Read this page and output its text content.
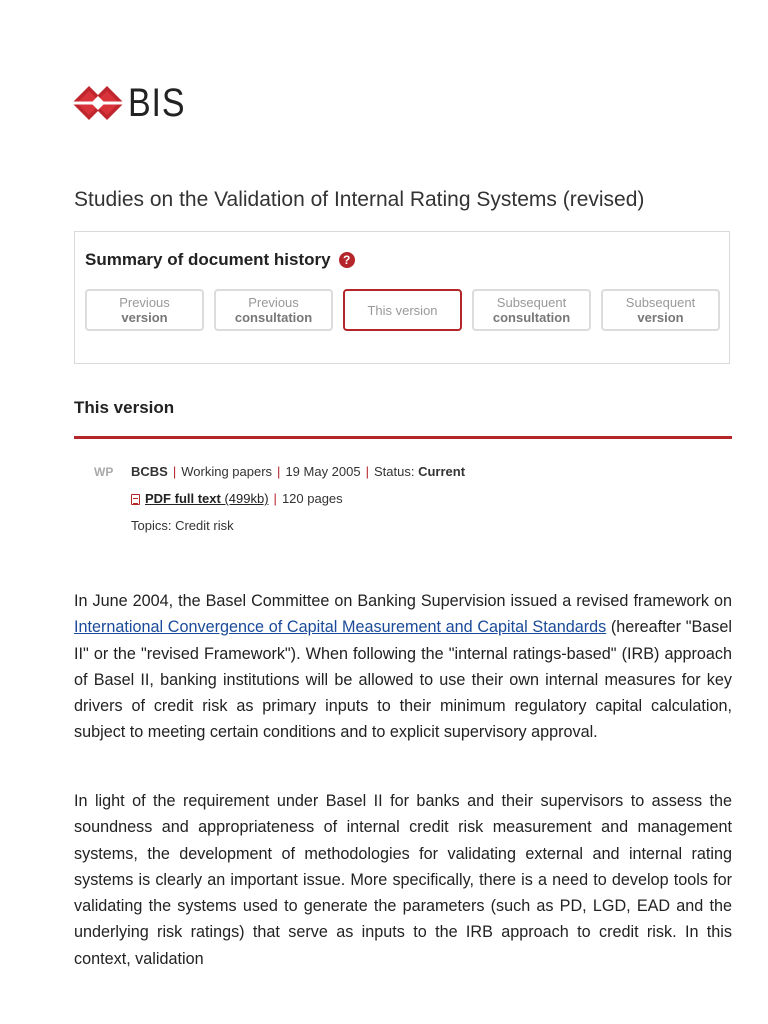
BIS
Studies on the Validation of Internal Rating Systems (revised)
Summary of document history	?
Previous
version
Previous
consultation	This version	Subsequent
consultation
Subsequent
version
This version
WP BCBS | Working papers | 19 May 2005 | Status: Current
PDF full text (499kb) | 120 pages
Topics: Credit risk

In June 2004, the Basel Committee on Banking Supervision issued a revised framework on International Convergence of Capital Measurement and Capital Standards (hereafter "Basel II" or the "revised Framework"). When following the "internal ratings-based" (IRB) approach of Basel II, banking institutions will be allowed to use their own internal measures for key drivers of credit risk as primary inputs to their minimum regulatory capital calculation, subject to meeting certain conditions and to explicit supervisory approval.

In light of the requirement under Basel II for banks and their supervisors to assess the soundness and appropriateness of internal credit risk measurement and management systems, the development of methodologies for validating external and internal rating systems is clearly an important issue. More specifically, there is a need to develop tools for validating the systems used to generate the parameters (such as PD, LGD, EAD and the underlying risk ratings) that serve as inputs to the IRB approach to credit risk. In this context, validation
